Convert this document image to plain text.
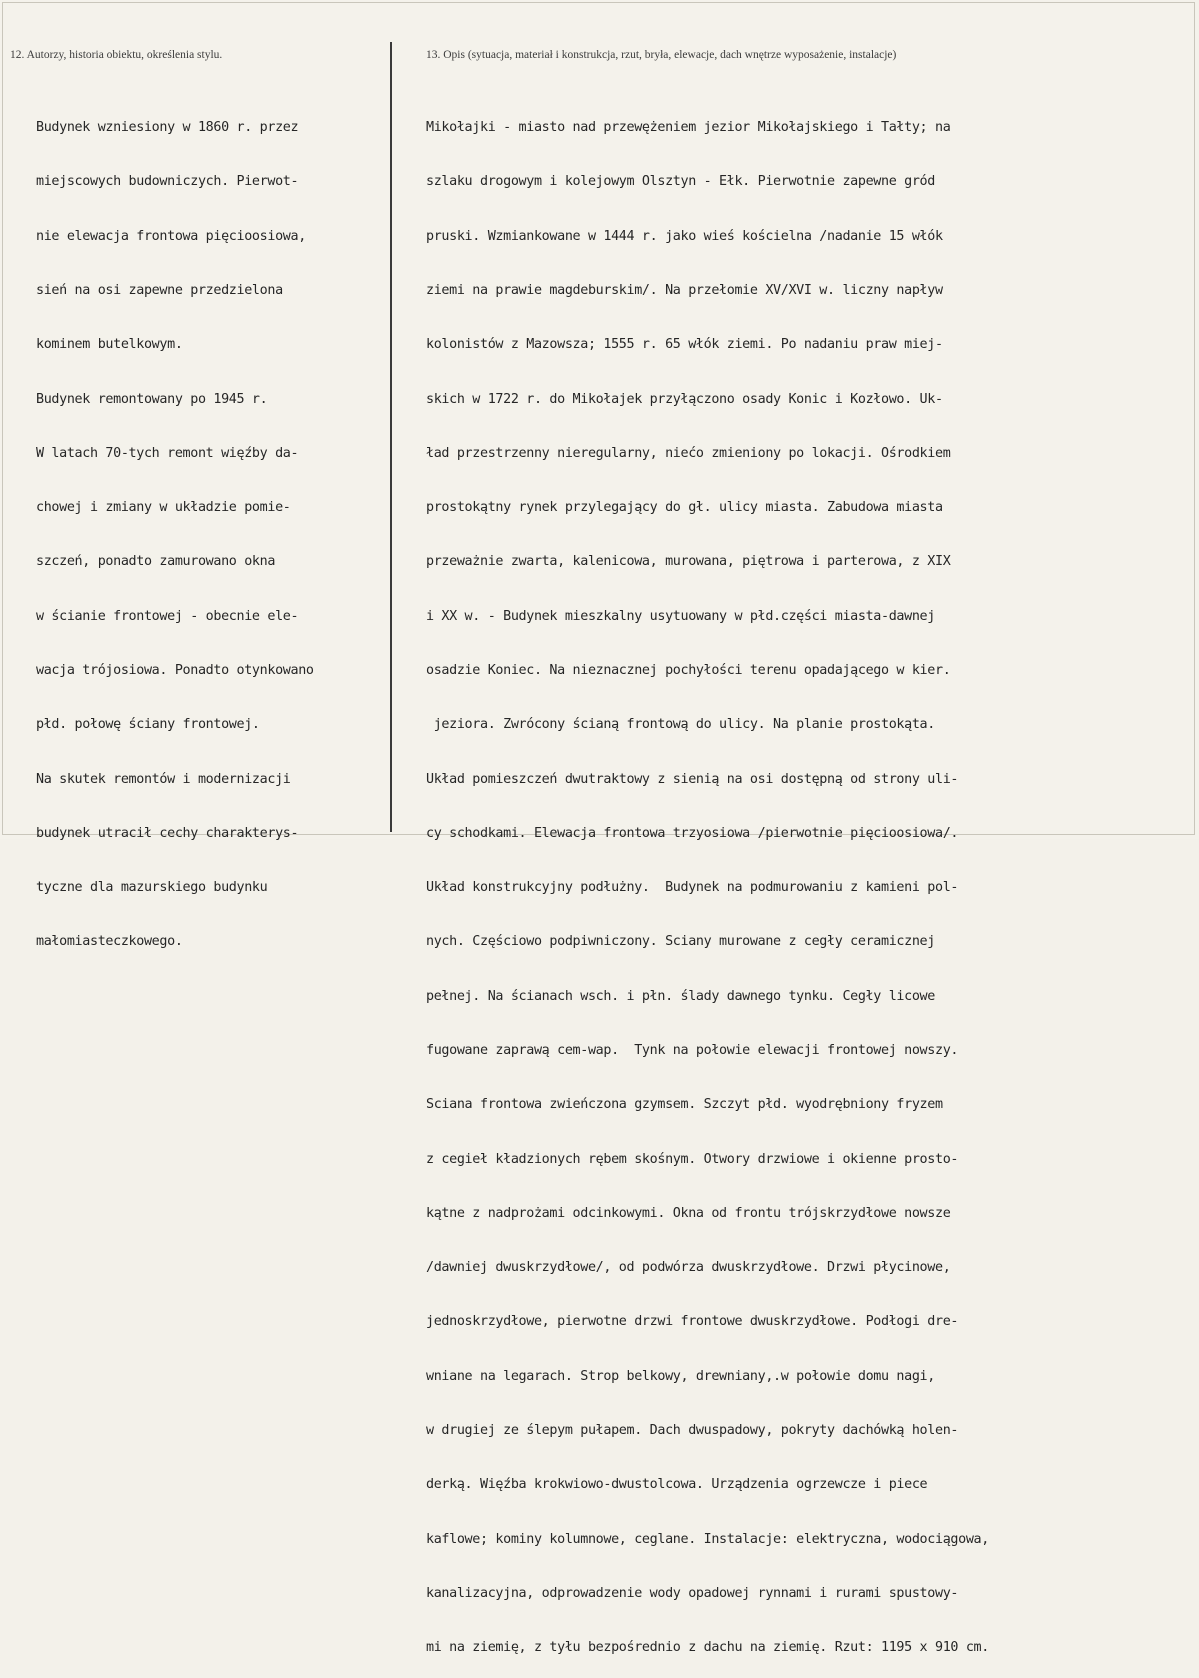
12. Autorzy, historia obiektu, określenia stylu.	13. Opis (sytuacja, materiał i konstrukcja, rzut, bryła, elewacje, dach wnętrze wyposażenie, instalacje)

Budynek wzniesiony w 1860 r. przez

miejscowych budowniczych. Pierwot-

nie elewacja frontowa pięcioosiowa,

sień na osi zapewne przedzielona

kominem butelkowym.

Budynek remontowany po 1945 r.

W latach 70-tych remont więźby da-

chowej i zmiany w układzie pomie-

szczeń, ponadto zamurowano okna

w ścianie frontowej - obecnie ele-

wacja trójosiowa. Ponadto otynkowano

płd. połowę ściany frontowej.

Na skutek remontów i modernizacji

budynek utracił cechy charakterys-

tyczne dla mazurskiego budynku

małomiasteczkowego.

Mikołajki - miasto nad przewężeniem jezior Mikołajskiego i Tałty; na

szlaku drogowym i kolejowym Olsztyn - Ełk. Pierwotnie zapewne gród

pruski. Wzmiankowane w 1444 r. jako wieś kościelna /nadanie 15 włók

ziemi na prawie magdeburskim/. Na przełomie XV/XVI w. liczny napływ

kolonistów z Mazowsza; 1555 r. 65 włók ziemi. Po nadaniu praw miej-

skich w 1722 r. do Mikołajek przyłączono osady Konic i Kozłowo. Uk-

ład przestrzenny nieregularny, niećo zmieniony po lokacji. Ośrodkiem

prostokątny rynek przylegający do gł. ulicy miasta. Zabudowa miasta

przeważnie zwarta, kalenicowa, murowana, piętrowa i parterowa, z XIX

i XX w. - Budynek mieszkalny usytuowany w płd.części miasta-dawnej

osadzie Koniec. Na nieznacznej pochyłości terenu opadającego w kier.

jeziora. Zwrócony ścianą frontową do ulicy. Na planie prostokąta.

Układ pomieszczeń dwutraktowy z sienią na osi dostępną od strony uli-

cy schodkami. Elewacja frontowa trzyosiowa /pierwotnie pięcioosiowa/.

Układ konstrukcyjny podłużny.  Budynek na podmurowaniu z kamieni pol-

nych. Częściowo podpiwniczony. Sciany murowane z cegły ceramicznej

pełnej. Na ścianach wsch. i płn. ślady dawnego tynku. Cegły licowe

fugowane zaprawą cem-wap.  Tynk na połowie elewacji frontowej nowszy.

Sciana frontowa zwieńczona gzymsem. Szczyt płd. wyodrębniony fryzem

z cegieł kładzionych rębem skośnym. Otwory drzwiowe i okienne prosto-

kątne z nadprożami odcinkowymi. Okna od frontu trójskrzydłowe nowsze

/dawniej dwuskrzydłowe/, od podwórza dwuskrzydłowe. Drzwi płycinowe,

jednoskrzydłowe, pierwotne drzwi frontowe dwuskrzydłowe. Podłogi dre-

wniane na legarach. Strop belkowy, drewniany,.w połowie domu nagi,

w drugiej ze ślepym pułapem. Dach dwuspadowy, pokryty dachówką holen-

derką. Więźba krokwiowo-dwustolcowa. Urządzenia ogrzewcze i piece

kaflowe; kominy kolumnowe, ceglane. Instalacje: elektryczna, wodociągowa,

kanalizacyjna, odprowadzenie wody opadowej rynnami i rurami spustowy-

mi na ziemię, z tyłu bezpośrednio z dachu na ziemię. Rzut: 1195 x 910 cm.
